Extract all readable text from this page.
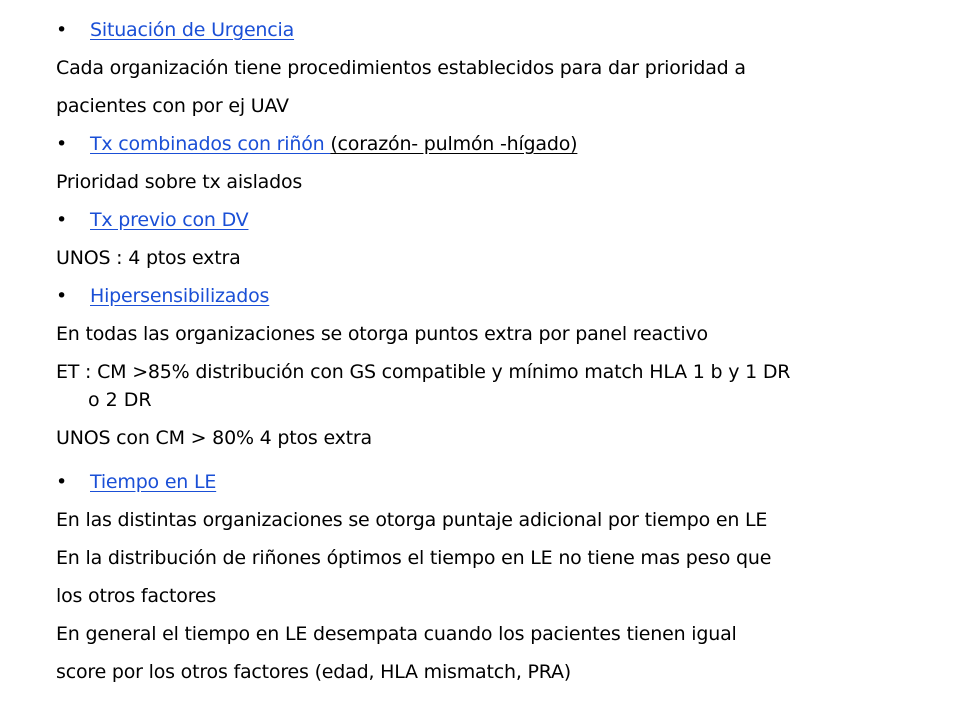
• Situación de Urgencia
Cada organización tiene procedimientos establecidos para dar prioridad a
pacientes con por ej UAV
• Tx combinados con riñón (corazón- pulmón -hígado)
Prioridad sobre tx aislados
• Tx previo con DV
UNOS : 4 ptos extra
• Hipersensibilizados
En todas las organizaciones se otorga puntos extra por panel reactivo
ET : CM >85% distribución con GS compatible y mínimo match HLA 1 b y 1 DR
o 2 DR
UNOS con CM > 80% 4 ptos extra
• Tiempo en LE
En las distintas organizaciones se otorga puntaje adicional por tiempo en LE
En la distribución de riñones óptimos el tiempo en LE no tiene mas peso que
los otros factores
En general el tiempo en LE desempata cuando los pacientes tienen igual
score por los otros factores (edad, HLA mismatch, PRA)
